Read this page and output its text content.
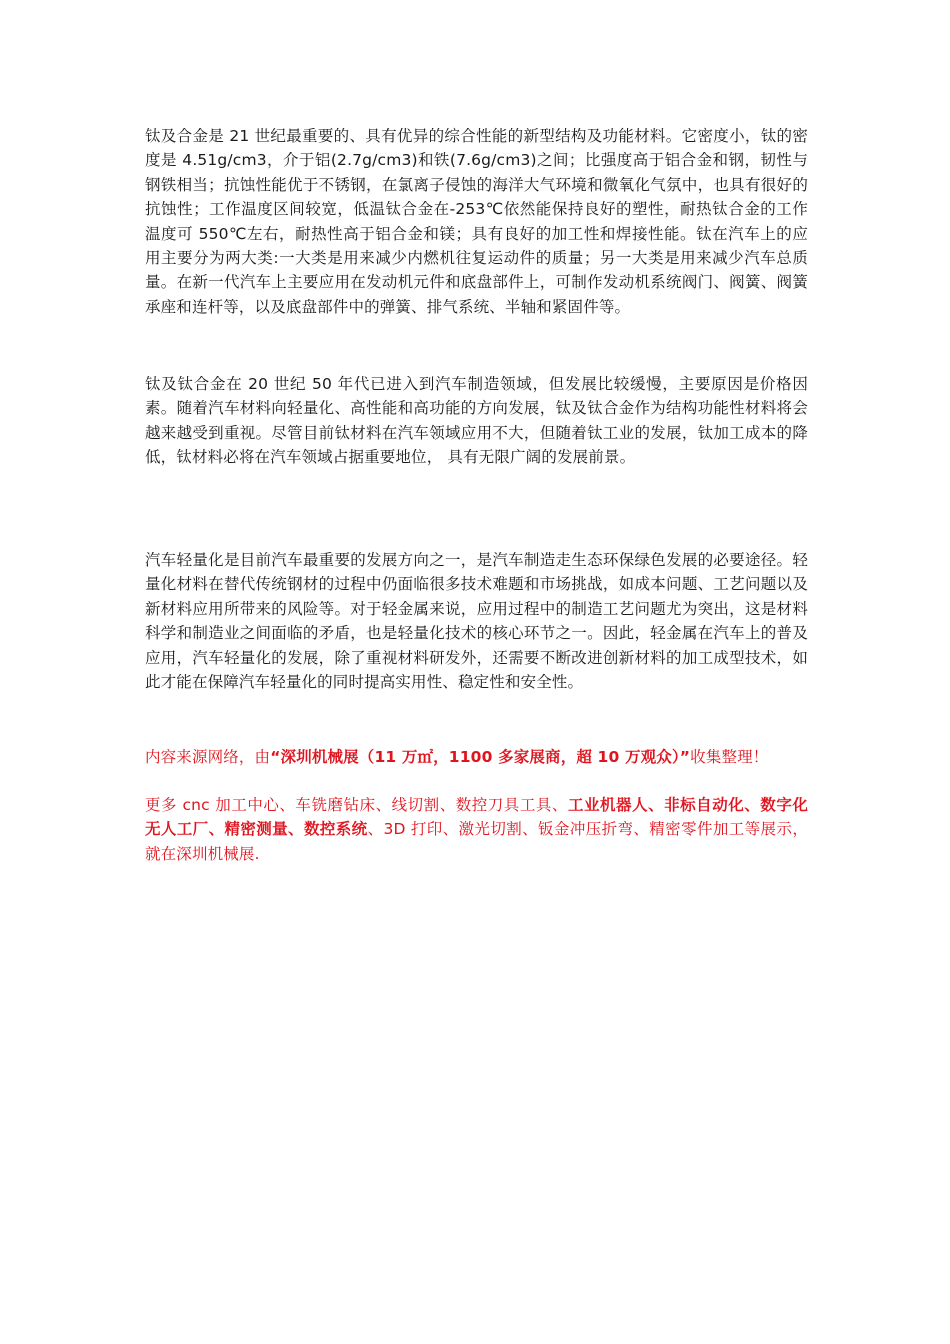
钛及合金是 21 世纪最重要的、具有优异的综合性能的新型结构及功能材料。它密度小，钛的密度是 4.51g/cm3，介于铝(2.7g/cm3)和铁(7.6g/cm3)之间；比强度高于铝合金和钢，韧性与钢铁相当；抗蚀性能优于不锈钢，在氯离子侵蚀的海洋大气环境和微氧化气氛中，也具有很好的抗蚀性；工作温度区间较宽，低温钛合金在-253℃依然能保持良好的塑性，耐热钛合金的工作温度可 550℃左右，耐热性高于铝合金和镁；具有良好的加工性和焊接性能。钛在汽车上的应用主要分为两大类:一大类是用来减少内燃机往复运动件的质量；另一大类是用来减少汽车总质量。在新一代汽车上主要应用在发动机元件和底盘部件上，可制作发动机系统阀门、阀簧、阀簧承座和连杆等，以及底盘部件中的弹簧、排气系统、半轴和紧固件等。

钛及钛合金在 20 世纪 50 年代已进入到汽车制造领域，但发展比较缓慢，主要原因是价格因素。随着汽车材料向轻量化、高性能和高功能的方向发展，钛及钛合金作为结构功能性材料将会越来越受到重视。尽管目前钛材料在汽车领域应用不大，但随着钛工业的发展，钛加工成本的降低，钛材料必将在汽车领域占据重要地位， 具有无限广阔的发展前景。

汽车轻量化是目前汽车最重要的发展方向之一，是汽车制造走生态环保绿色发展的必要途径。轻量化材料在替代传统钢材的过程中仍面临很多技术难题和市场挑战，如成本问题、工艺问题以及新材料应用所带来的风险等。对于轻金属来说，应用过程中的制造工艺问题尤为突出，这是材料科学和制造业之间面临的矛盾，也是轻量化技术的核心环节之一。因此，轻金属在汽车上的普及应用，汽车轻量化的发展，除了重视材料研发外，还需要不断改进创新材料的加工成型技术，如此才能在保障汽车轻量化的同时提高实用性、稳定性和安全性。

内容来源网络，由“深圳机械展（11 万㎡，1100 多家展商，超 10 万观众）”收集整理！

更多 cnc 加工中心、车铣磨钻床、线切割、数控刀具工具、工业机器人、非标自动化、数字化无人工厂、精密测量、数控系统、3D 打印、激光切割、钣金冲压折弯、精密零件加工等展示，就在深圳机械展.
